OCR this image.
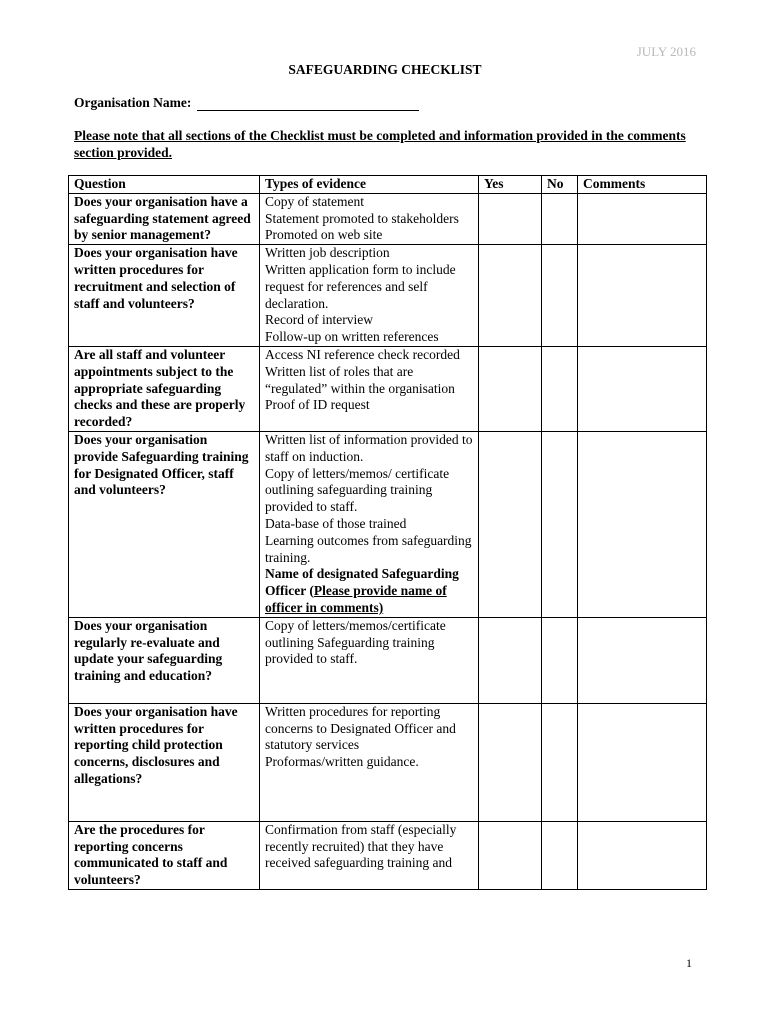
JULY 2016
SAFEGUARDING CHECKLIST
Organisation Name:
Please note that all sections of the Checklist must be completed and information provided in the comments section provided.
Question	Types of evidence	Yes	No	Comments
Does your organisation have a safeguarding statement agreed by senior management?	Copy of statement
Statement promoted to stakeholders
Promoted on web site			
Does your organisation have written procedures for recruitment and selection of staff and volunteers?	Written job description
Written application form to include request for references and self declaration.
Record of interview
Follow-up on written references			
Are all staff and volunteer appointments subject to the appropriate safeguarding checks and these are properly recorded?	Access NI reference check recorded
Written list of roles that are “regulated” within the organisation
Proof of ID request			
Does your organisation provide Safeguarding training for Designated Officer, staff and volunteers?	Written list of information provided to staff on induction.
Copy of letters/memos/ certificate outlining safeguarding training provided to staff.
Data-base of those trained
Learning outcomes from safeguarding training.
Name of designated Safeguarding Officer (Please provide name of officer in comments)			

Does your organisation regularly re-evaluate and update your safeguarding training and education?	Copy of letters/memos/certificate outlining Safeguarding training provided to staff.			
Does your organisation have written procedures for reporting child protection concerns, disclosures and allegations?	Written procedures for reporting concerns to Designated Officer and statutory services
Proformas/written guidance.			
Are the procedures for reporting concerns communicated to staff and volunteers?	Confirmation from staff (especially recently recruited) that they have received safeguarding training and			
1
